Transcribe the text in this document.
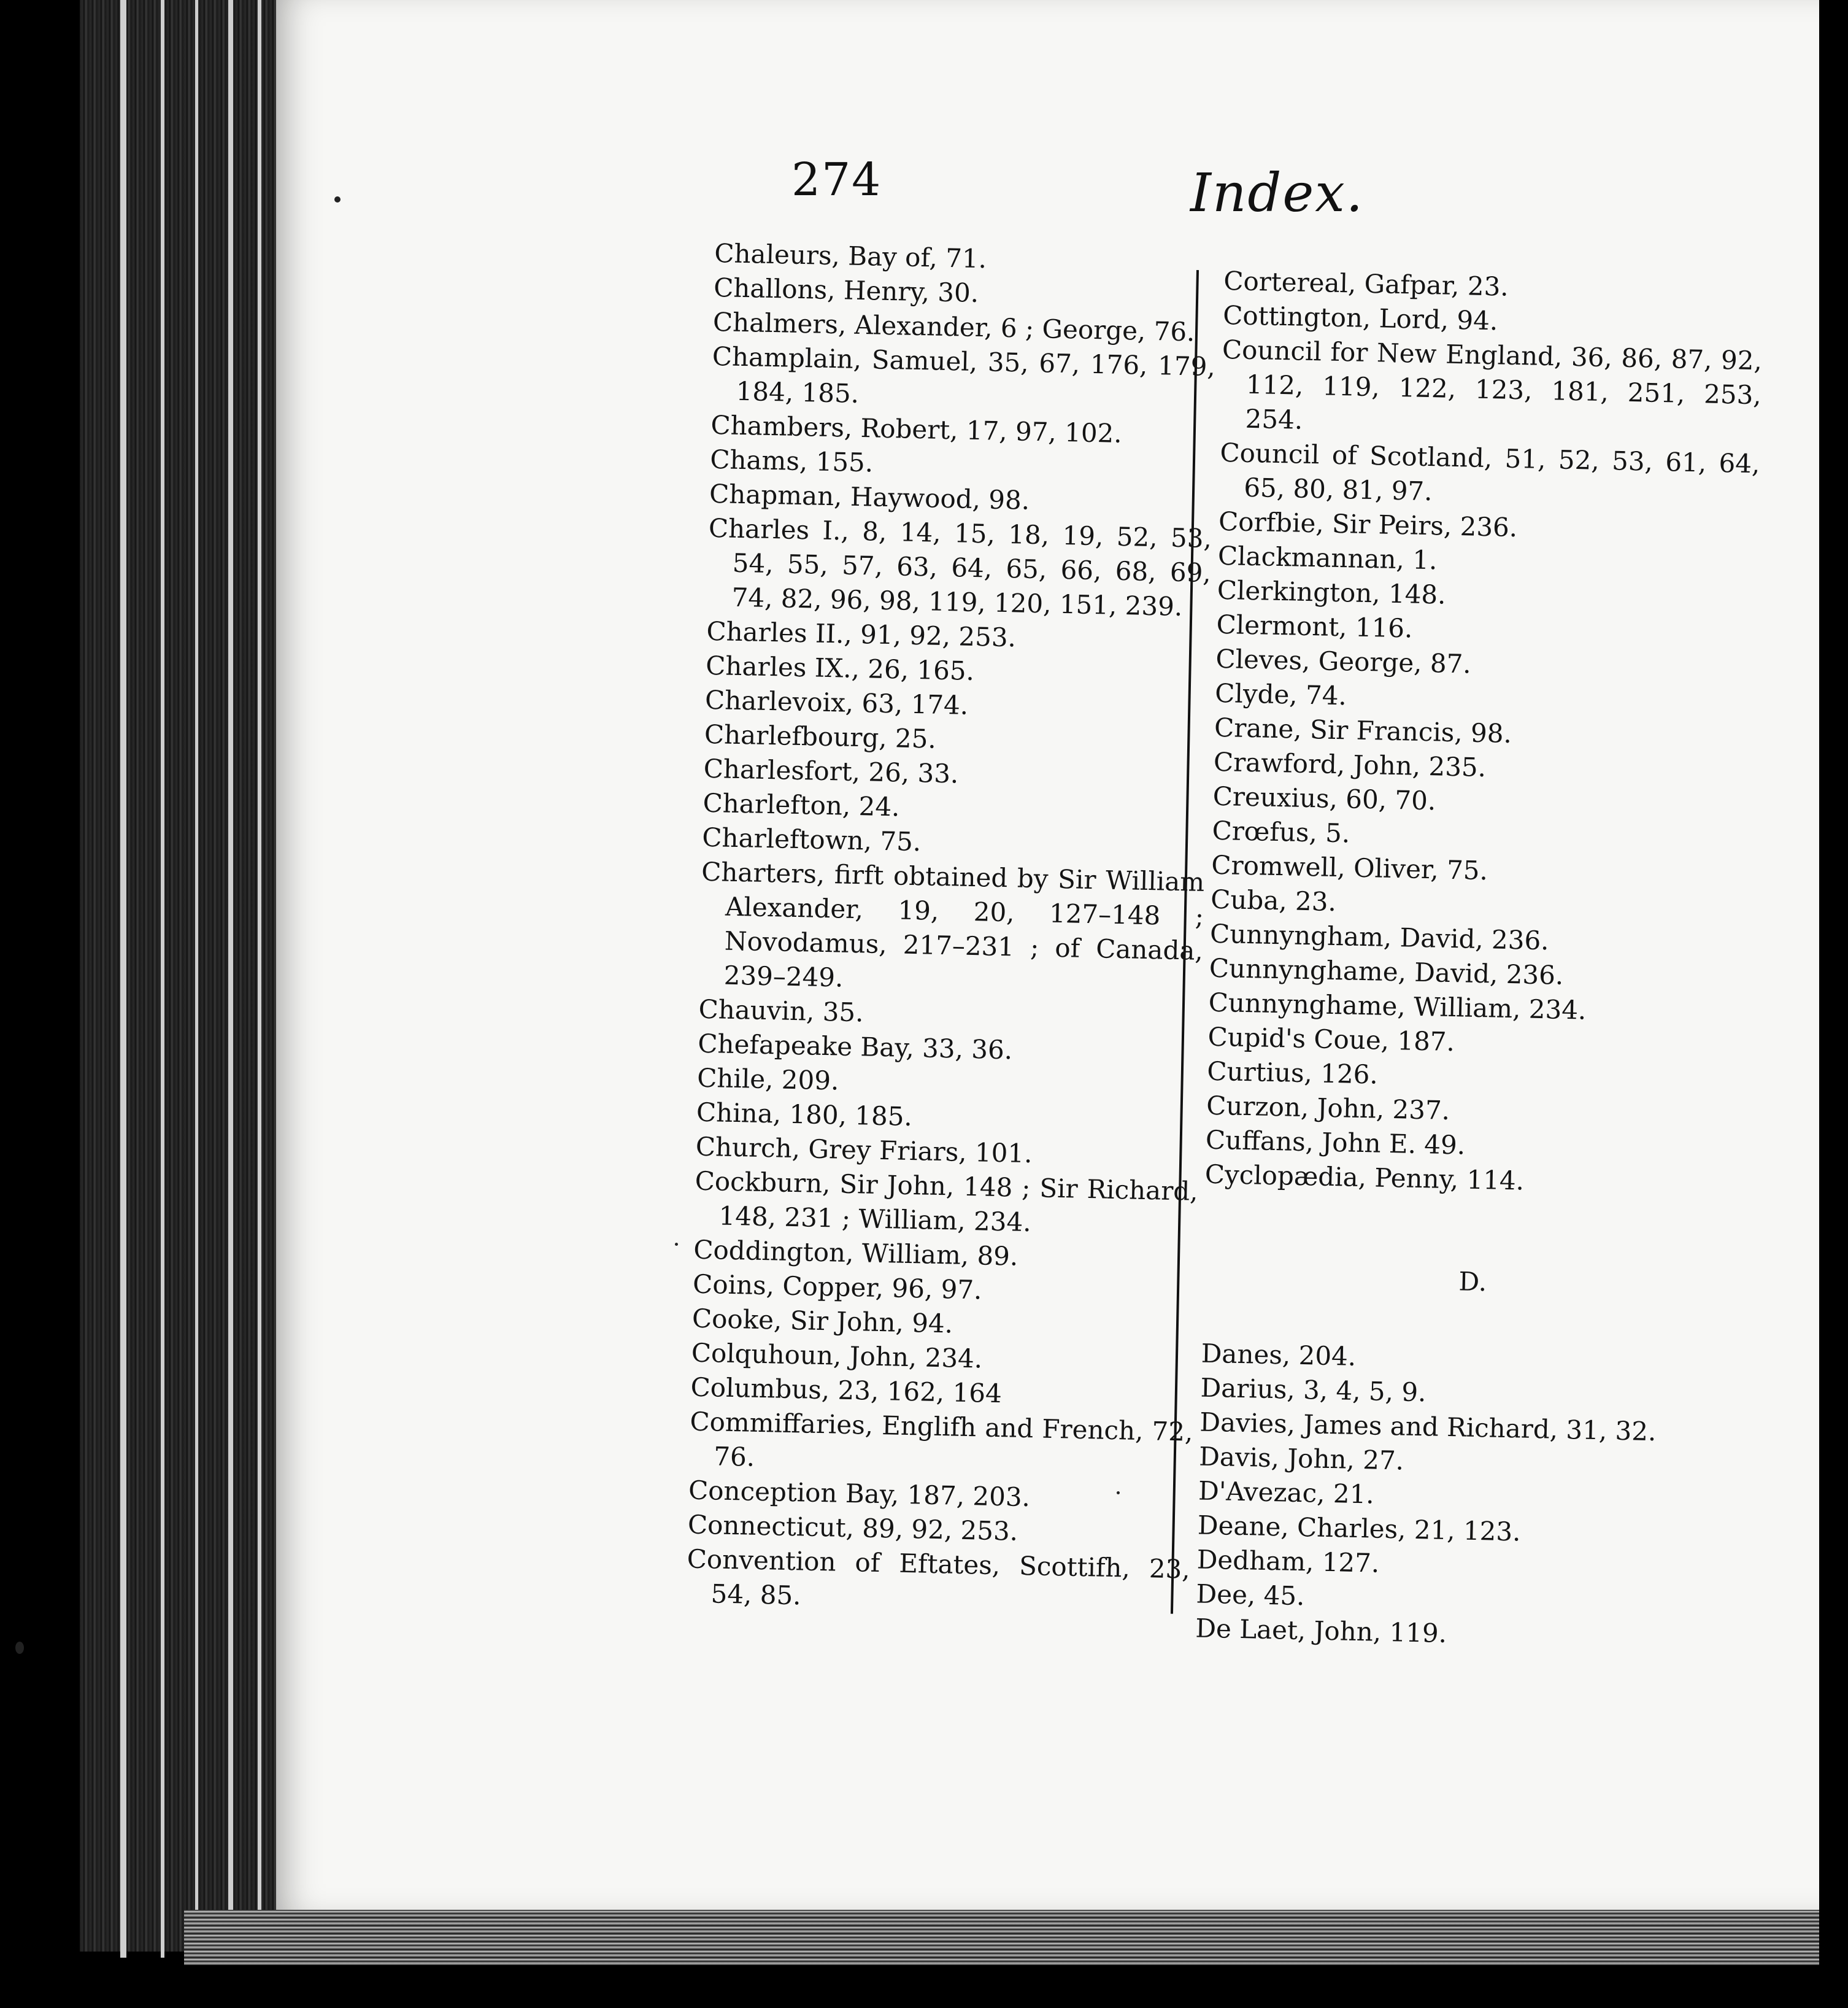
274	Index.

Chaleurs, Bay of, 71.

Challons, Henry, 30.

Chalmers, Alexander, 6 ; George, 76.

Champlain, Samuel, 35, 67, 176, 179, 184, 185.

Chambers, Robert, 17, 97, 102.

Chams, 155.

Chapman, Haywood, 98.

Charles I., 8, 14, 15, 18, 19, 52, 53, 54, 55, 57, 63, 64, 65, 66, 68, 69, 74, 82, 96, 98, 119, 120, 151, 239.

Charles II., 91, 92, 253.

Charles IX., 26, 165.

Charlevoix, 63, 174.

Charlefbourg, 25.

Charlesfort, 26, 33.

Charlefton, 24.

Charleftown, 75.

Charters, firft obtained by Sir William Alexander, 19, 20, 127–148 ; Novodamus, 217–231 ; of Canada, 239–249.

Chauvin, 35.

Chefapeake Bay, 33, 36.

Chile, 209.

China, 180, 185.

Church, Grey Friars, 101.

Cockburn, Sir John, 148 ; Sir Richard, 148, 231 ; William, 234.

Coddington, William, 89.

Coins, Copper, 96, 97.

Cooke, Sir John, 94.

Colquhoun, John, 234.

Columbus, 23, 162, 164

Commiffaries, Englifh and French, 72, 76.

Conception Bay, 187, 203.

Connecticut, 89, 92, 253.

Convention of Eftates, Scottifh, 23, 54, 85.

Cortereal, Gafpar, 23.

Cottington, Lord, 94.

Council for New England, 36, 86, 87, 92, 112, 119, 122, 123, 181, 251, 253, 254.

Council of Scotland, 51, 52, 53, 61, 64, 65, 80, 81, 97.

Corfbie, Sir Peirs, 236.

Clackmannan, 1.

Clerkington, 148.

Clermont, 116.

Cleves, George, 87.

Clyde, 74.

Crane, Sir Francis, 98.

Crawford, John, 235.

Creuxius, 60, 70.

Crœfus, 5.

Cromwell, Oliver, 75.

Cuba, 23.

Cunnyngham, David, 236.

Cunnynghame, David, 236.

Cunnynghame, William, 234.

Cupid's Coue, 187.

Curtius, 126.

Curzon, John, 237.

Cuffans, John E. 49.

Cyclopædia, Penny, 114.

D.

Danes, 204.

Darius, 3, 4, 5, 9.

Davies, James and Richard, 31, 32.

Davis, John, 27.

D'Avezac, 21.

Deane, Charles, 21, 123.

Dedham, 127.

Dee, 45.

De Laet, John, 119.
